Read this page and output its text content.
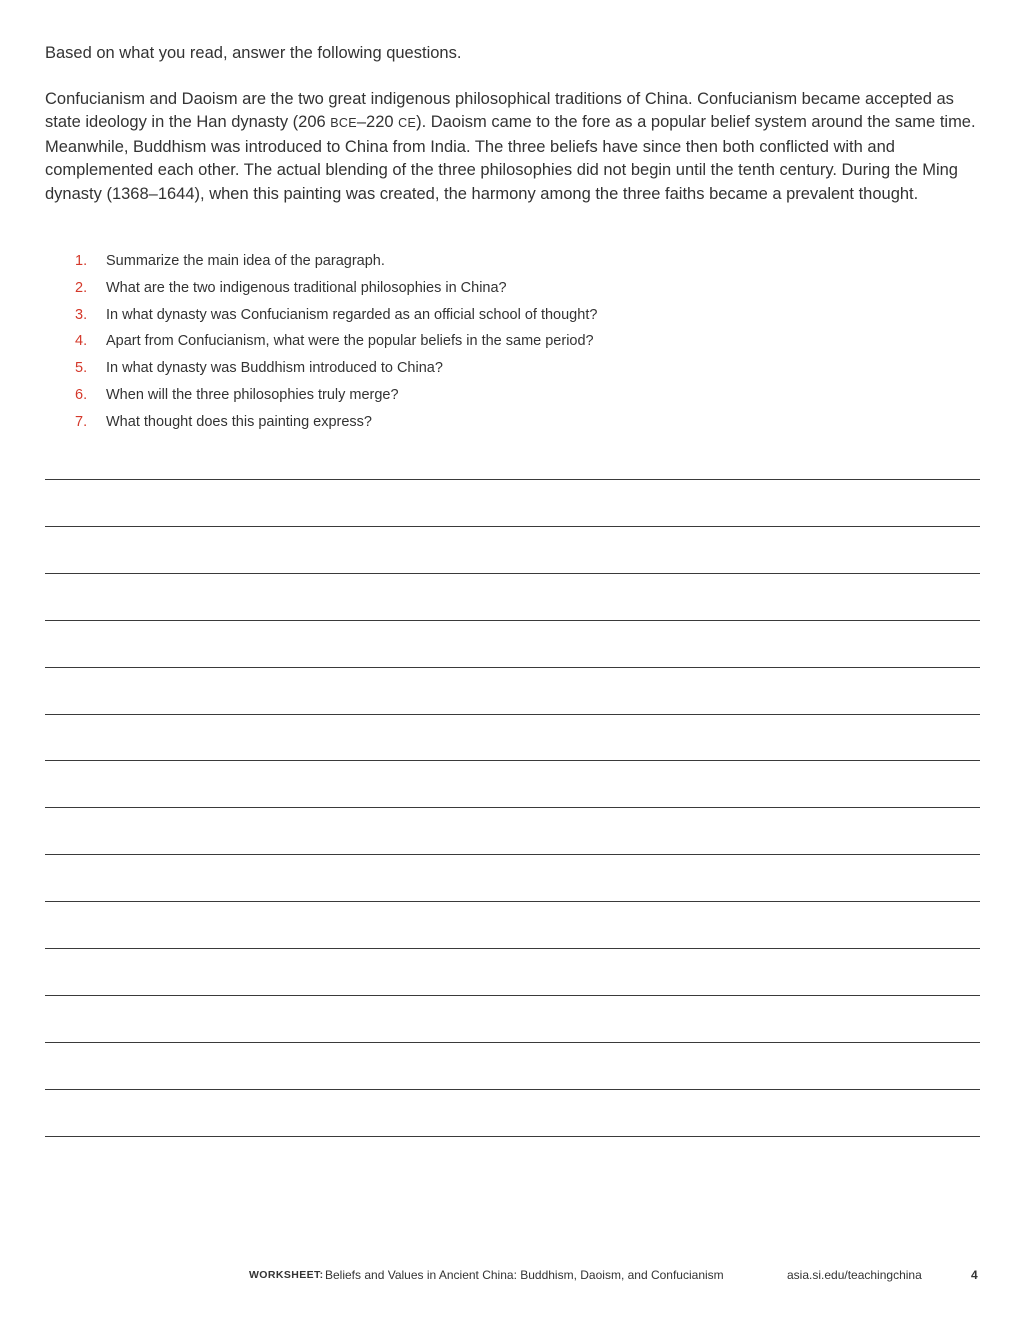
Based on what you read, answer the following questions.

Confucianism and Daoism are the two great indigenous philosophical traditions of China. Confucianism became accepted as state ideology in the Han dynasty (206 BCE–220 CE). Daoism came to the fore as a popular belief system around the same time. Meanwhile, Buddhism was introduced to China from India. The three beliefs have since then both conflicted with and complemented each other. The actual blending of the three philosophies did not begin until the tenth century. During the Ming dynasty (1368–1644), when this painting was created, the harmony among the three faiths became a prevalent thought.

1. Summarize the main idea of the paragraph.
2. What are the two indigenous traditional philosophies in China?
3. In what dynasty was Confucianism regarded as an official school of thought?
4. Apart from Confucianism, what were the popular beliefs in the same period?
5. In what dynasty was Buddhism introduced to China?
6. When will the three philosophies truly merge?
7. What thought does this painting express?
WORKSHEET: Beliefs and Values in Ancient China: Buddhism, Daoism, and Confucianism	asia.si.edu/teachingchina	4
